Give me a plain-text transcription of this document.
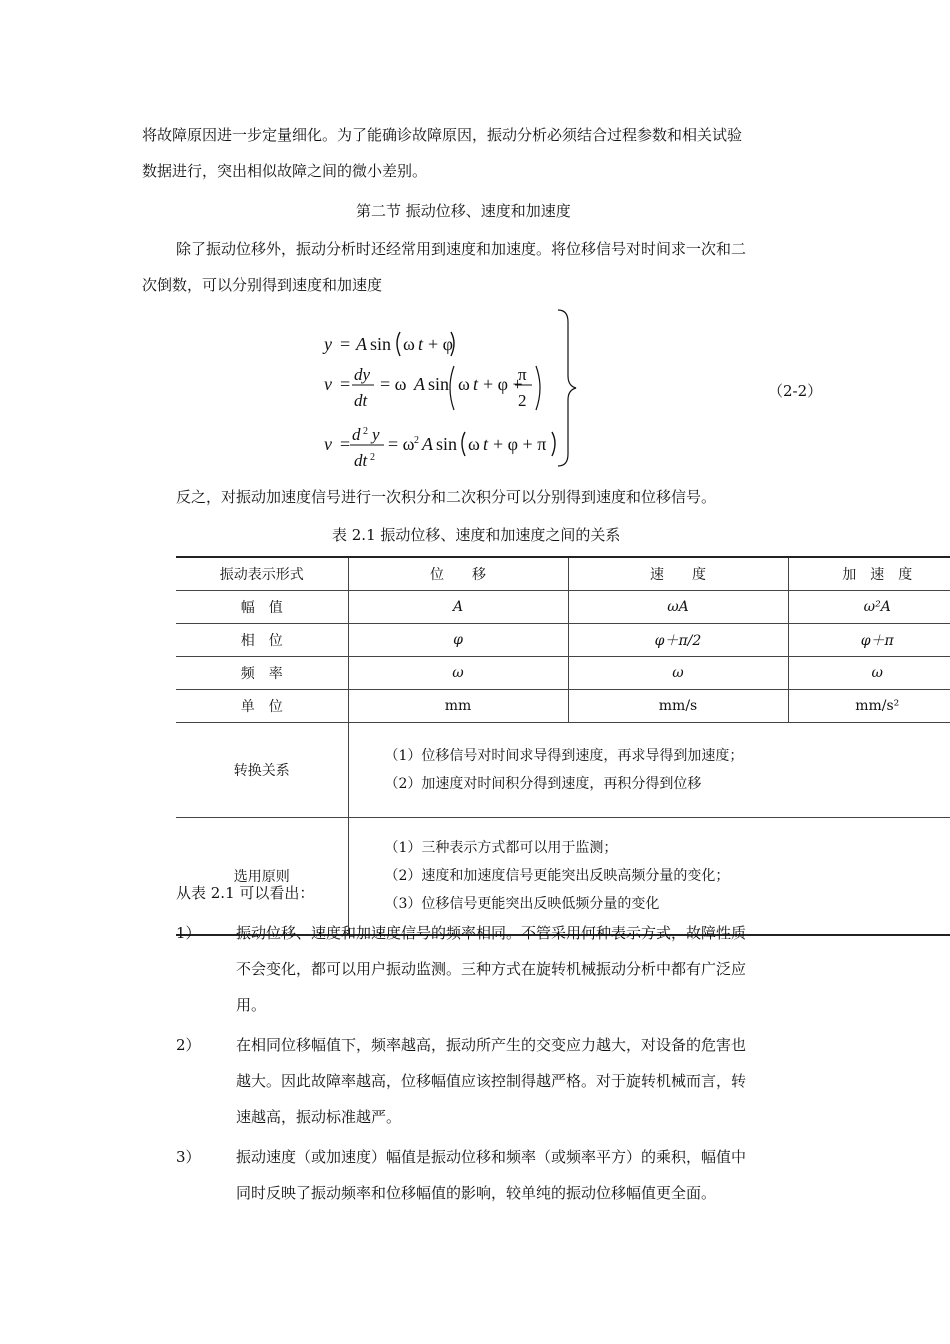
将故障原因进一步定量细化。为了能确诊故障原因，振动分析必须结合过程参数和相关试验
数据进行，突出相似故障之间的微小差别。
第二节 振动位移、速度和加速度
除了振动位移外，振动分析时还经常用到速度和加速度。将位移信号对时间求一次和二
次倒数，可以分别得到速度和加速度
y = A sin ω t + φ
v = dy
dt
= ω A sin ω t + φ +
π
2
v = d 2 y
dt 2
= ω 2 A sin ω t + φ + π
（2-2）
反之，对振动加速度信号进行一次积分和二次积分可以分别得到速度和位移信号。
表 2.1 振动位移、速度和加速度之间的关系
振动表示形式	位　　移	速　　度	加　速　度
幅　值	A	ωA	ω²A
相　位	φ	φ＋π/2	φ＋π
频　率	ω	ω	ω
单　位	mm	mm/s	mm/s²
转换关系	（1）位移信号对时间求导得到速度，再求导得到加速度；
（2）加速度对时间积分得到速度，再积分得到位移		

选用原则	（1）三种表示方式都可以用于监测；
（2）速度和加速度信号更能突出反映高频分量的变化；
（3）位移信号更能突出反映低频分量的变化		
从表 2.1 可以看出：
1） 振动位移、速度和加速度信号的频率相同。不管采用何种表示方式，故障性质
不会变化，都可以用户振动监测。三种方式在旋转机械振动分析中都有广泛应
用。
2） 在相同位移幅值下，频率越高，振动所产生的交变应力越大，对设备的危害也
越大。因此故障率越高，位移幅值应该控制得越严格。对于旋转机械而言，转
速越高，振动标准越严。
3） 振动速度（或加速度）幅值是振动位移和频率（或频率平方）的乘积，幅值中
同时反映了振动频率和位移幅值的影响，较单纯的振动位移幅值更全面。
